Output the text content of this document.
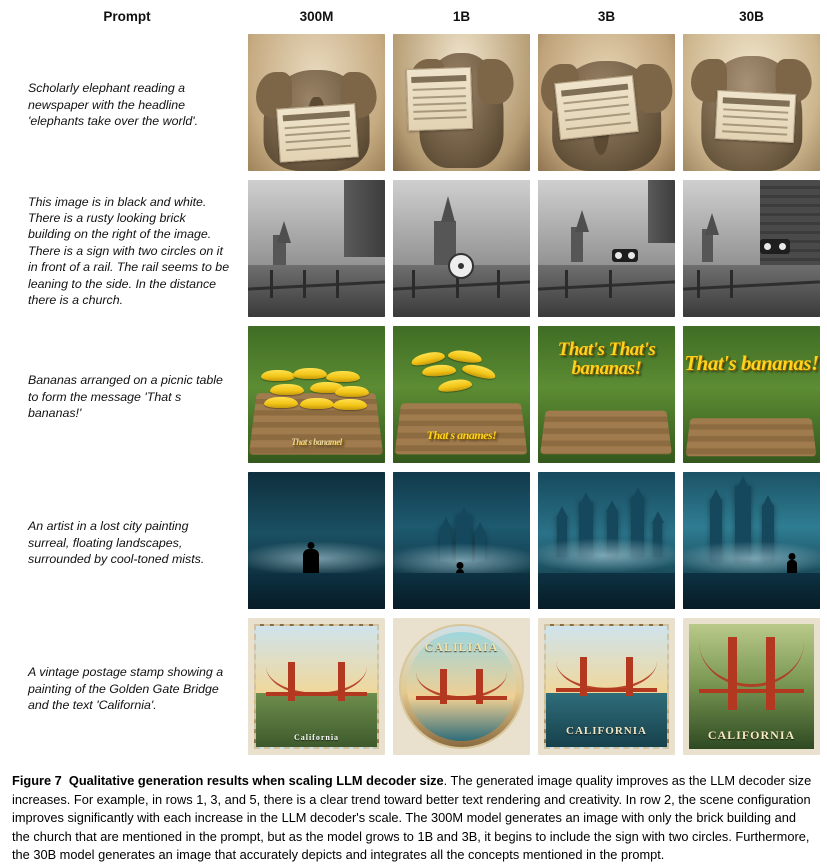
Prompt	300M	1B	3B	30B
Scholarly elephant reading a newspaper with the headline 'elephants take over the world'.	

This image is in black and white. There is a rusty looking brick building on the right of the image. There is a sign with two circles on it in front of a rail. The rail seems to be leaning to the side. In the distance there is a church.	

Bananas arranged on a picnic table to form the message 'That s bananas!'	That s banamel	That s anames!	That's That's bananas!	That's bananas!

An artist in a lost city painting surreal, floating landscapes, surrounded by cool-toned mists.	

A vintage postage stamp showing a painting of the Golden Gate Bridge and the text 'California'.	California	CALILIAIA	CALIFORNIA	CALIFORNIA
Figure 7 Qualitative generation results when scaling LLM decoder size. The generated image quality improves as the LLM decoder size increases. For example, in rows 1, 3, and 5, there is a clear trend toward better text rendering and creativity. In row 2, the scene configuration improves significantly with each increase in the LLM decoder's scale. The 300M model generates an image with only the brick building and the church that are mentioned in the prompt, but as the model grows to 1B and 3B, it begins to include the sign with two circles. Furthermore, the 30B model generates an image that accurately depicts and integrates all the concepts mentioned in the prompt.
